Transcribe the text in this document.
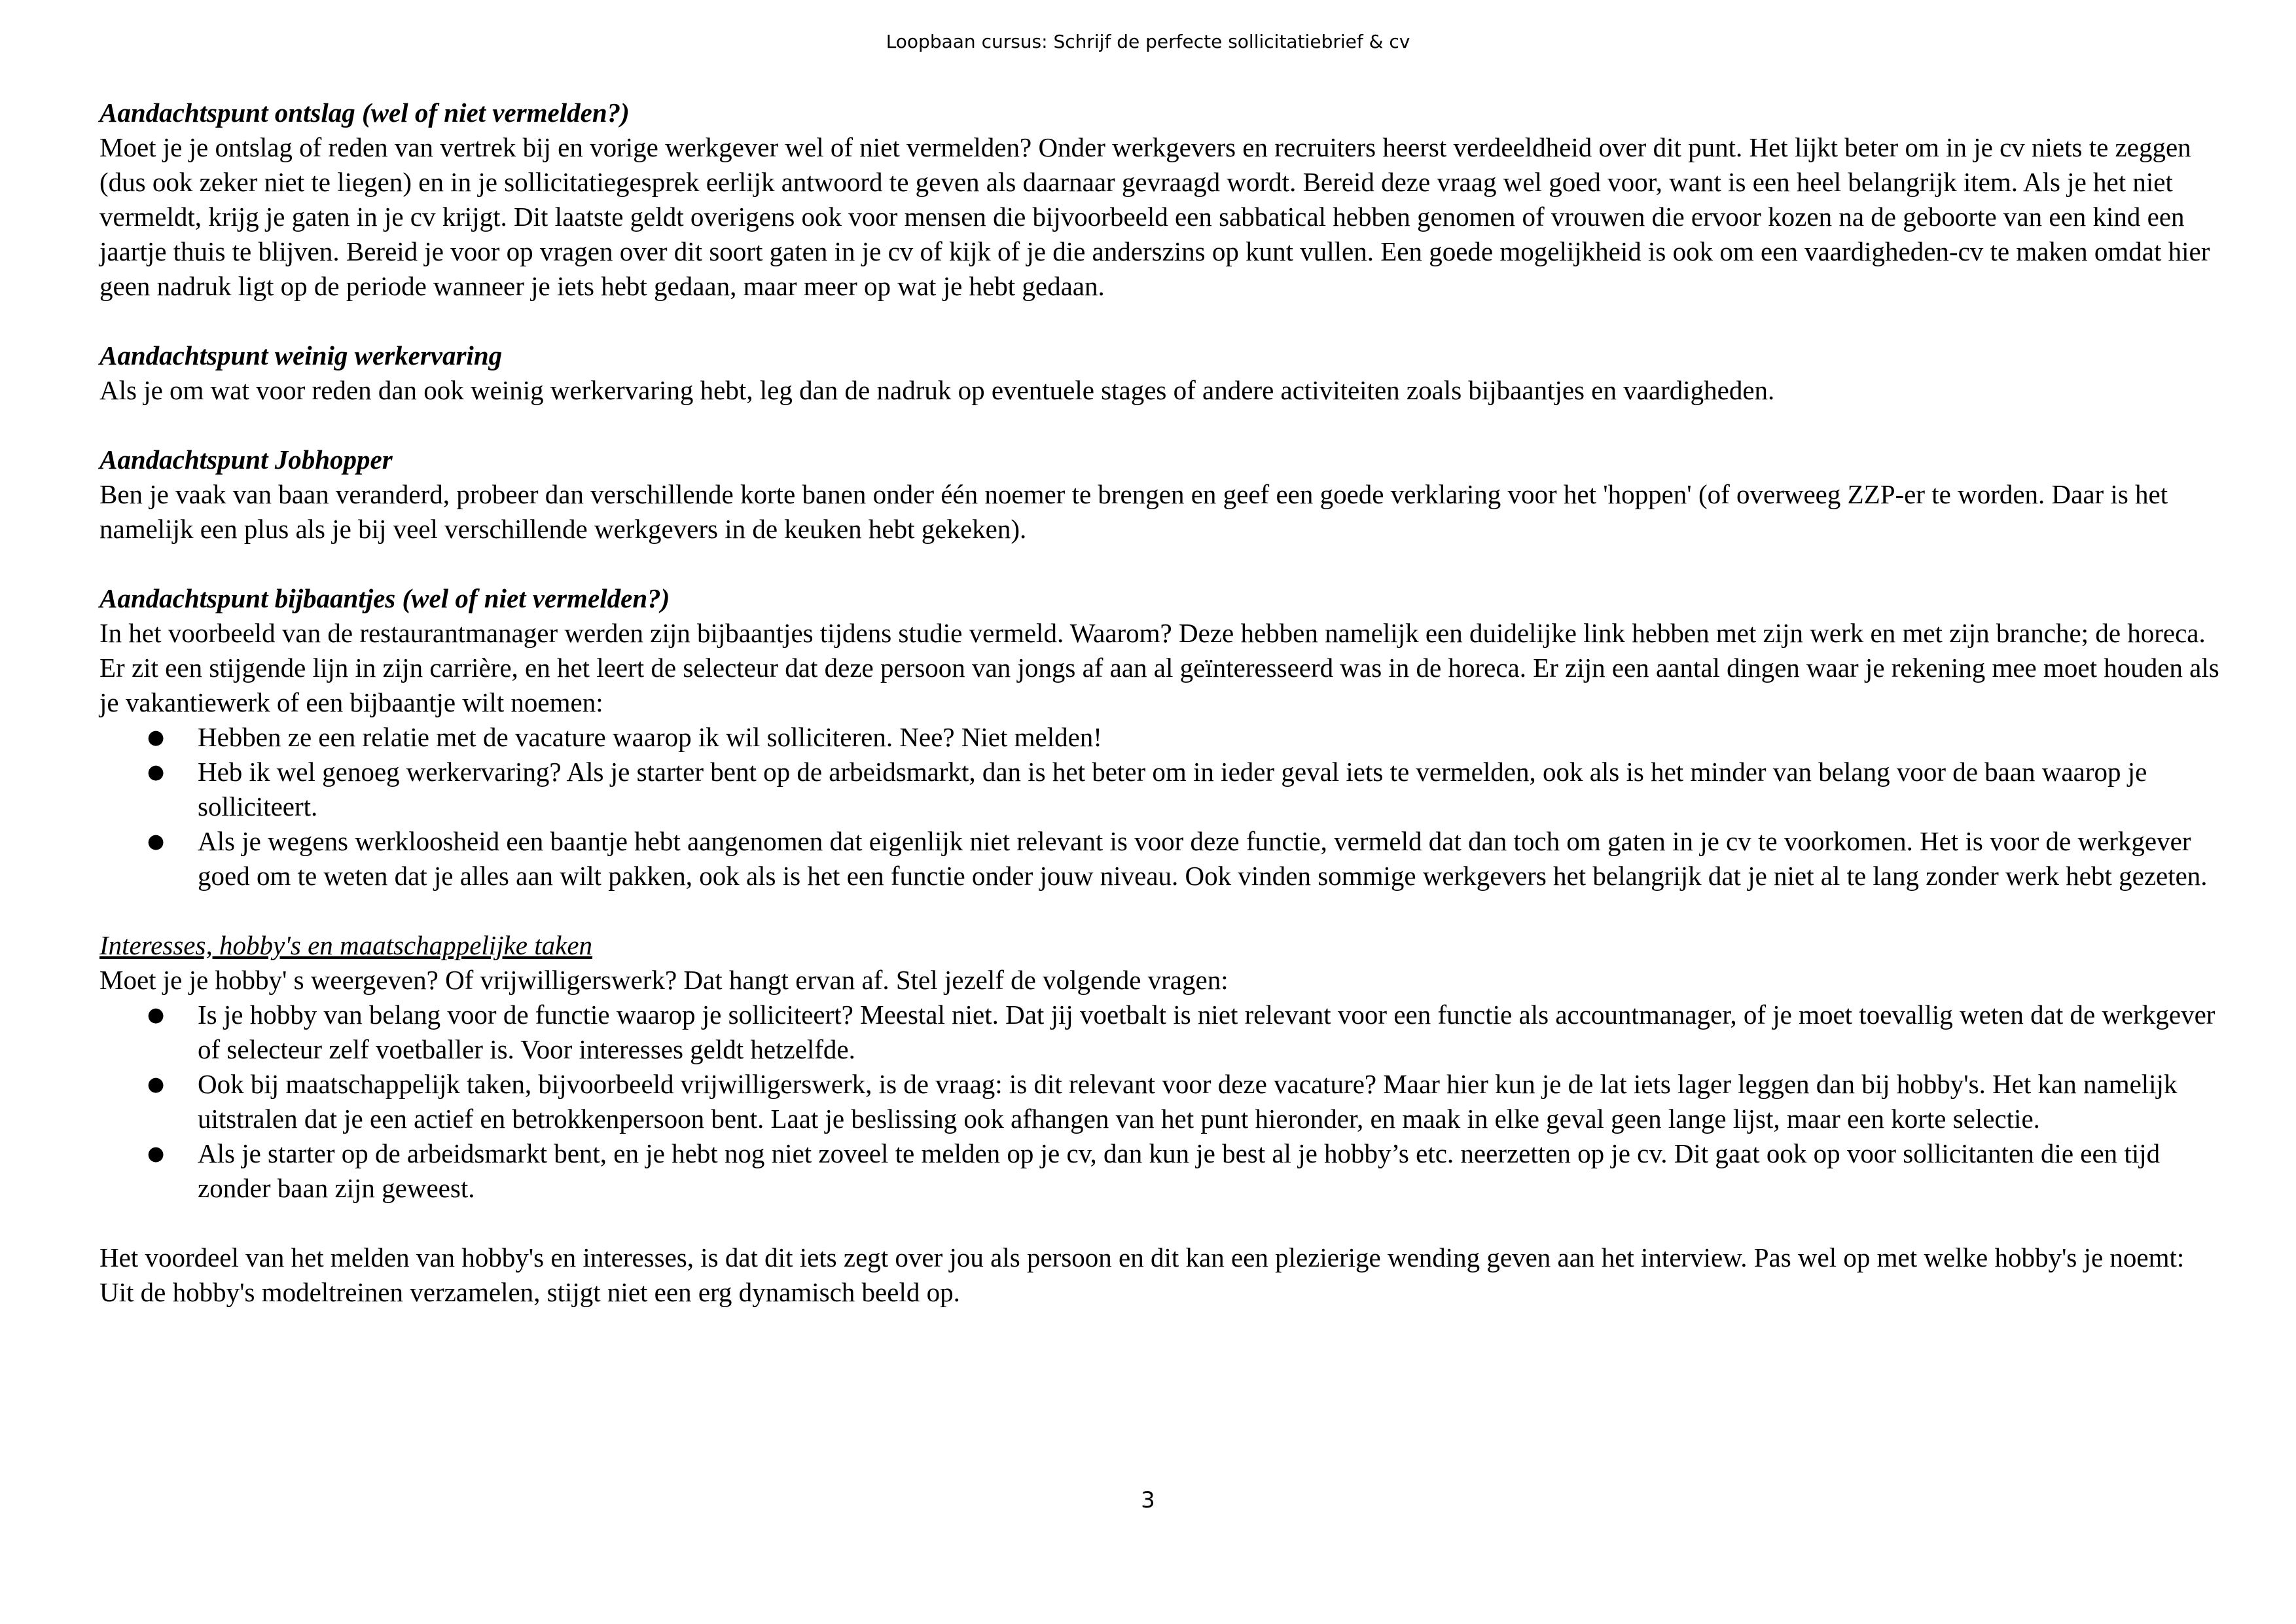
Loopbaan cursus: Schrijf de perfecte sollicitatiebrief & cv
Aandachtspunt ontslag (wel of niet vermelden?)

Moet je je ontslag of reden van vertrek bij en vorige werkgever wel of niet vermelden? Onder werkgevers en recruiters heerst verdeeldheid over dit punt. Het lijkt beter om in je cv niets te zeggen (dus ook zeker niet te liegen) en in je sollicitatiegesprek eerlijk antwoord te geven als daarnaar gevraagd wordt. Bereid deze vraag wel goed voor, want is een heel belangrijk item. Als je het niet vermeldt, krijg je gaten in je cv krijgt. Dit laatste geldt overigens ook voor mensen die bijvoorbeeld een sabbatical hebben genomen of vrouwen die ervoor kozen na de geboorte van een kind een jaartje thuis te blijven. Bereid je voor op vragen over dit soort gaten in je cv of kijk of je die anderszins op kunt vullen. Een goede mogelijkheid is ook om een vaardigheden-cv te maken omdat hier geen nadruk ligt op de periode wanneer je iets hebt gedaan, maar meer op wat je hebt gedaan.

Aandachtspunt weinig werkervaring

Als je om wat voor reden dan ook weinig werkervaring hebt, leg dan de nadruk op eventuele stages of andere activiteiten zoals bijbaantjes en vaardigheden.

Aandachtspunt Jobhopper

Ben je vaak van baan veranderd, probeer dan verschillende korte banen onder één noemer te brengen en geef een goede verklaring voor het 'hoppen' (of overweeg ZZP-er te worden. Daar is het namelijk een plus als je bij veel verschillende werkgevers in de keuken hebt gekeken).

Aandachtspunt bijbaantjes (wel of niet vermelden?)

In het voorbeeld van de restaurantmanager werden zijn bijbaantjes tijdens studie vermeld. Waarom? Deze hebben namelijk een duidelijke link hebben met zijn werk en met zijn branche; de horeca. Er zit een stijgende lijn in zijn carrière, en het leert de selecteur dat deze persoon van jongs af aan al geïnteresseerd was in de horeca. Er zijn een aantal dingen waar je rekening mee moet houden als je vakantiewerk of een bijbaantje wilt noemen:

● Hebben ze een relatie met de vacature waarop ik wil solliciteren. Nee? Niet melden!
● Heb ik wel genoeg werkervaring? Als je starter bent op de arbeidsmarkt, dan is het beter om in ieder geval iets te vermelden, ook als is het minder van belang voor de baan waarop je solliciteert.
● Als je wegens werkloosheid een baantje hebt aangenomen dat eigenlijk niet relevant is voor deze functie, vermeld dat dan toch om gaten in je cv te voorkomen. Het is voor de werkgever goed om te weten dat je alles aan wilt pakken, ook als is het een functie onder jouw niveau. Ook vinden sommige werkgevers het belangrijk dat je niet al te lang zonder werk hebt gezeten.
Interesses, hobby's en maatschappelijke taken

Moet je je hobby' s weergeven? Of vrijwilligerswerk? Dat hangt ervan af. Stel jezelf de volgende vragen:

● Is je hobby van belang voor de functie waarop je solliciteert? Meestal niet. Dat jij voetbalt is niet relevant voor een functie als accountmanager, of je moet toevallig weten dat de werkgever of selecteur zelf voetballer is. Voor interesses geldt hetzelfde.
● Ook bij maatschappelijk taken, bijvoorbeeld vrijwilligerswerk, is de vraag: is dit relevant voor deze vacature? Maar hier kun je de lat iets lager leggen dan bij hobby's. Het kan namelijk uitstralen dat je een actief en betrokkenpersoon bent. Laat je beslissing ook afhangen van het punt hieronder, en maak in elke geval geen lange lijst, maar een korte selectie.
● Als je starter op de arbeidsmarkt bent, en je hebt nog niet zoveel te melden op je cv, dan kun je best al je hobby’s etc. neerzetten op je cv. Dit gaat ook op voor sollicitanten die een tijd zonder baan zijn geweest.

Het voordeel van het melden van hobby's en interesses, is dat dit iets zegt over jou als persoon en dit kan een plezierige wending geven aan het interview. Pas wel op met welke hobby's je noemt: Uit de hobby's modeltreinen verzamelen, stijgt niet een erg dynamisch beeld op.

3
